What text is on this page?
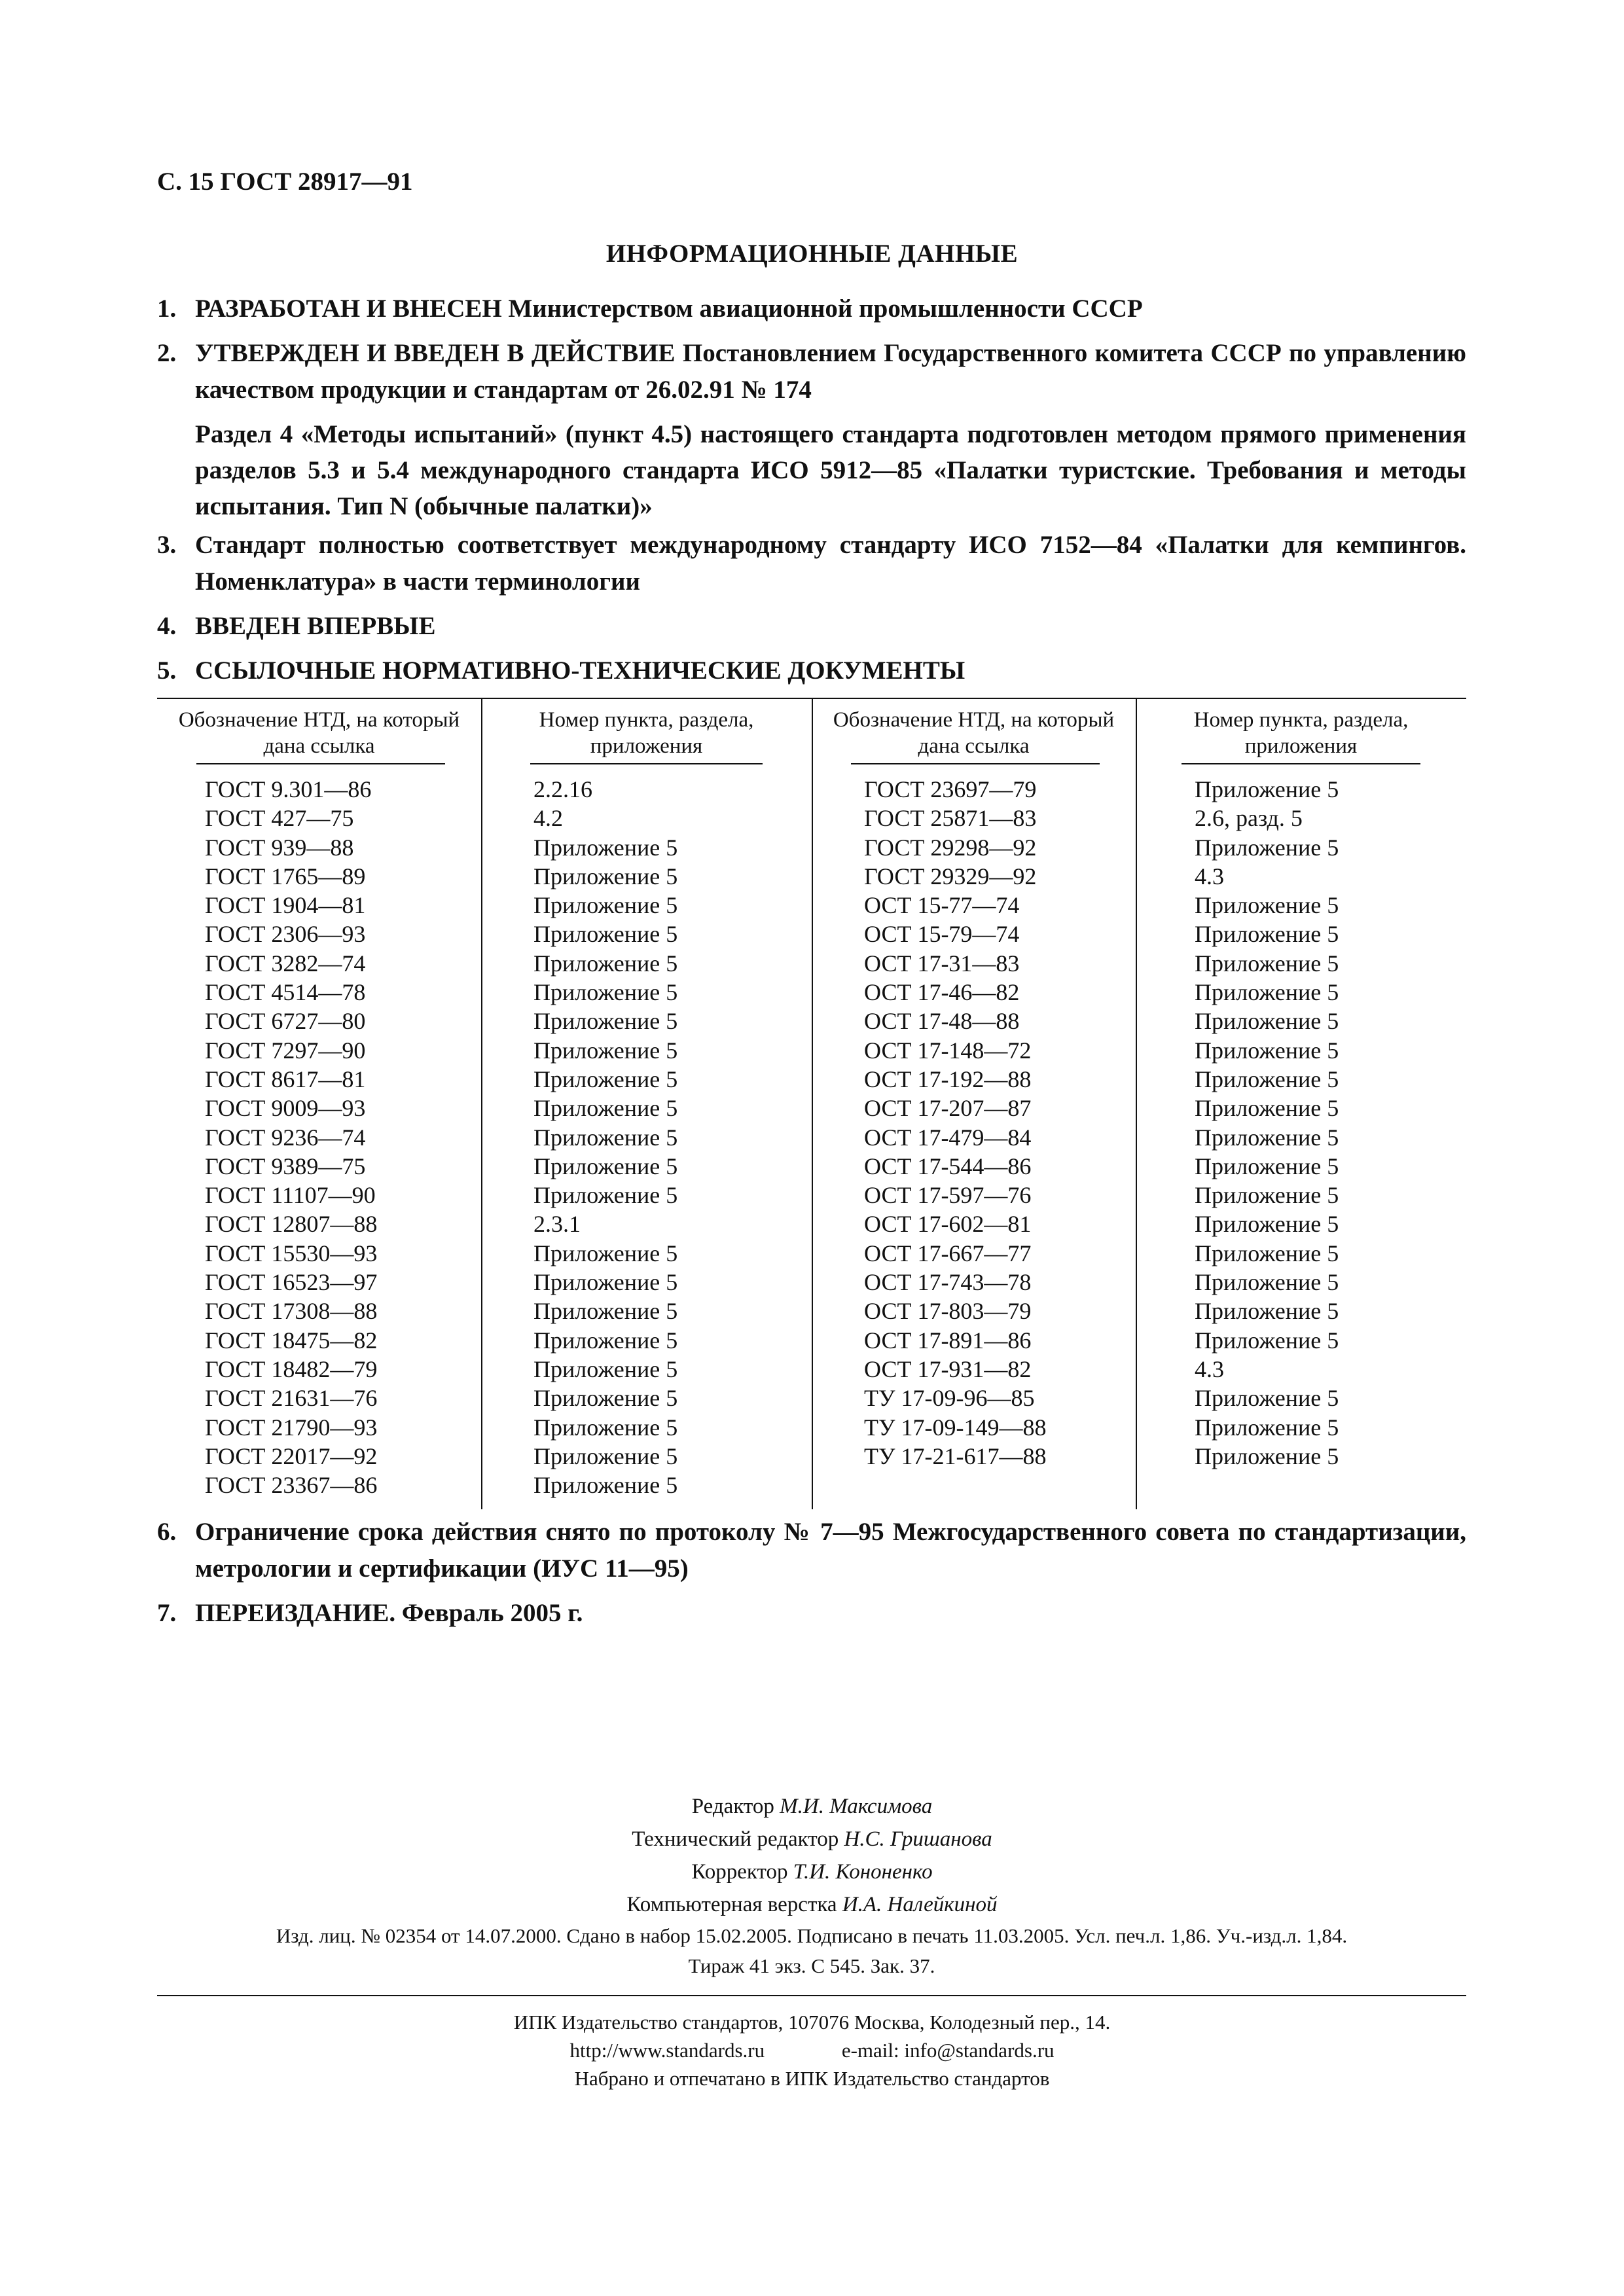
С. 15 ГОСТ 28917—91
ИНФОРМАЦИОННЫЕ ДАННЫЕ
1. РАЗРАБОТАН И ВНЕСЕН Министерством авиационной промышленности СССР
2. УТВЕРЖДЕН И ВВЕДЕН В ДЕЙСТВИЕ Постановлением Государственного комитета СССР по управлению качеством продукции и стандартам от 26.02.91 № 174
Раздел 4 «Методы испытаний» (пункт 4.5) настоящего стандарта подготовлен методом прямого применения разделов 5.3 и 5.4 международного стандарта ИСО 5912—85 «Палатки туристские. Требования и методы испытания. Тип N (обычные палатки)»
3. Стандарт полностью соответствует международному стандарту ИСО 7152—84 «Палатки для кемпингов. Номенклатура» в части терминологии
4. ВВЕДЕН ВПЕРВЫЕ
5. ССЫЛОЧНЫЕ НОРМАТИВНО-ТЕХНИЧЕСКИЕ ДОКУМЕНТЫ
Обозначение НТД, на который дана ссылка
Номер пункта, раздела, приложения
Обозначение НТД, на который дана ссылка
Номер пункта, раздела, приложения
ГОСТ 9.301—86
ГОСТ 427—75
ГОСТ 939—88
ГОСТ 1765—89
ГОСТ 1904—81
ГОСТ 2306—93
ГОСТ 3282—74
ГОСТ 4514—78
ГОСТ 6727—80
ГОСТ 7297—90
ГОСТ 8617—81
ГОСТ 9009—93
ГОСТ 9236—74
ГОСТ 9389—75
ГОСТ 11107—90
ГОСТ 12807—88
ГОСТ 15530—93
ГОСТ 16523—97
ГОСТ 17308—88
ГОСТ 18475—82
ГОСТ 18482—79
ГОСТ 21631—76
ГОСТ 21790—93
ГОСТ 22017—92
ГОСТ 23367—86
2.2.16
4.2
Приложение 5
Приложение 5
Приложение 5
Приложение 5
Приложение 5
Приложение 5
Приложение 5
Приложение 5
Приложение 5
Приложение 5
Приложение 5
Приложение 5
Приложение 5
2.3.1
Приложение 5
Приложение 5
Приложение 5
Приложение 5
Приложение 5
Приложение 5
Приложение 5
Приложение 5
Приложение 5
ГОСТ 23697—79
ГОСТ 25871—83
ГОСТ 29298—92
ГОСТ 29329—92
ОСТ 15-77—74
ОСТ 15-79—74
ОСТ 17-31—83
ОСТ 17-46—82
ОСТ 17-48—88
ОСТ 17-148—72
ОСТ 17-192—88
ОСТ 17-207—87
ОСТ 17-479—84
ОСТ 17-544—86
ОСТ 17-597—76
ОСТ 17-602—81
ОСТ 17-667—77
ОСТ 17-743—78
ОСТ 17-803—79
ОСТ 17-891—86
ОСТ 17-931—82
ТУ 17-09-96—85
ТУ 17-09-149—88
ТУ 17-21-617—88
Приложение 5
2.6, разд. 5
Приложение 5
4.3
Приложение 5
Приложение 5
Приложение 5
Приложение 5
Приложение 5
Приложение 5
Приложение 5
Приложение 5
Приложение 5
Приложение 5
Приложение 5
Приложение 5
Приложение 5
Приложение 5
Приложение 5
Приложение 5
4.3
Приложение 5
Приложение 5
Приложение 5
6. Ограничение срока действия снято по протоколу № 7—95 Межгосударственного совета по стандартизации, метрологии и сертификации (ИУС 11—95)
7. ПЕРЕИЗДАНИЕ. Февраль 2005 г.
Редактор М.И. Максимова
Технический редактор Н.С. Гришанова
Корректор Т.И. Кононенко
Компьютерная верстка И.А. Налейкиной
Изд. лиц. № 02354 от 14.07.2000. Сдано в набор 15.02.2005. Подписано в печать 11.03.2005. Усл. печ.л. 1,86. Уч.-изд.л. 1,84.
Тираж 41 экз. С 545. Зак. 37.
ИПК Издательство стандартов, 107076 Москва, Колодезный пер., 14.
http://www.standards.ru	e-mail: info@standards.ru
Набрано и отпечатано в ИПК Издательство стандартов
